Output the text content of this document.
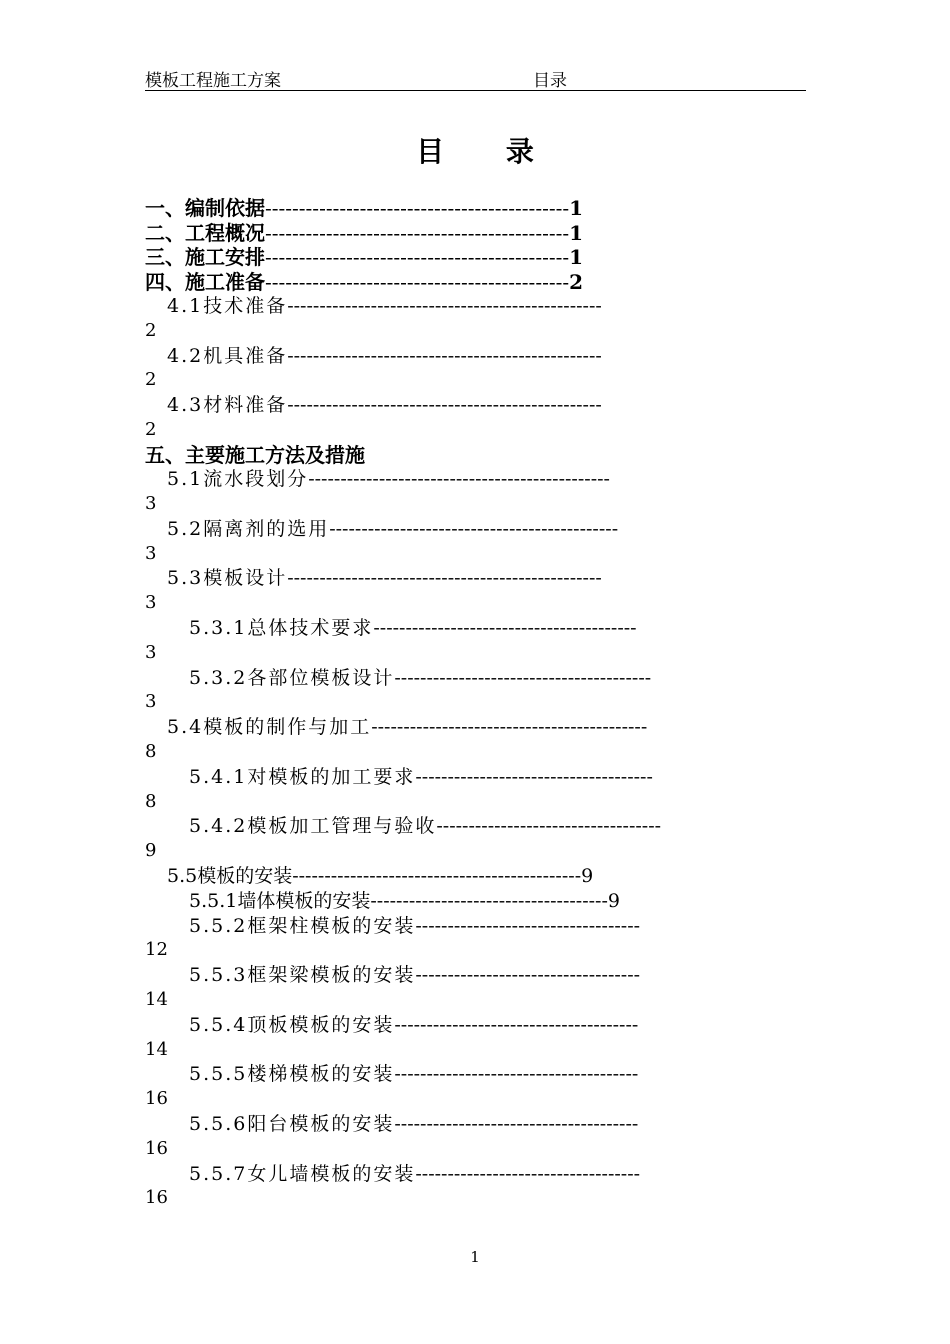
模板工程施工方案	目录
目 录
一、编制依据---------------------------------------------1
二、工程概况---------------------------------------------1
三、施工安排---------------------------------------------1
四、施工准备---------------------------------------------2
4.1技术准备-------------------------------------------------
2
4.2机具准备-------------------------------------------------
2
4.3材料准备-------------------------------------------------
2
五、主要施工方法及措施
5.1流水段划分-----------------------------------------------
3
5.2隔离剂的选用---------------------------------------------
3
5.3模板设计-------------------------------------------------
3
5.3.1总体技术要求-----------------------------------------
3
5.3.2各部位模板设计----------------------------------------
3
5.4模板的制作与加工-------------------------------------------
8
5.4.1对模板的加工要求-------------------------------------
8
5.4.2模板加工管理与验收-----------------------------------
9
5.5模板的安装---------------------------------------------9
5.5.1墙体模板的安装-------------------------------------9
5.5.2框架柱模板的安装-----------------------------------
12
5.5.3框架梁模板的安装-----------------------------------
14
5.5.4顶板模板的安装--------------------------------------
14
5.5.5楼梯模板的安装--------------------------------------
16
5.5.6阳台模板的安装--------------------------------------
16
5.5.7女儿墙模板的安装-----------------------------------
16
1
